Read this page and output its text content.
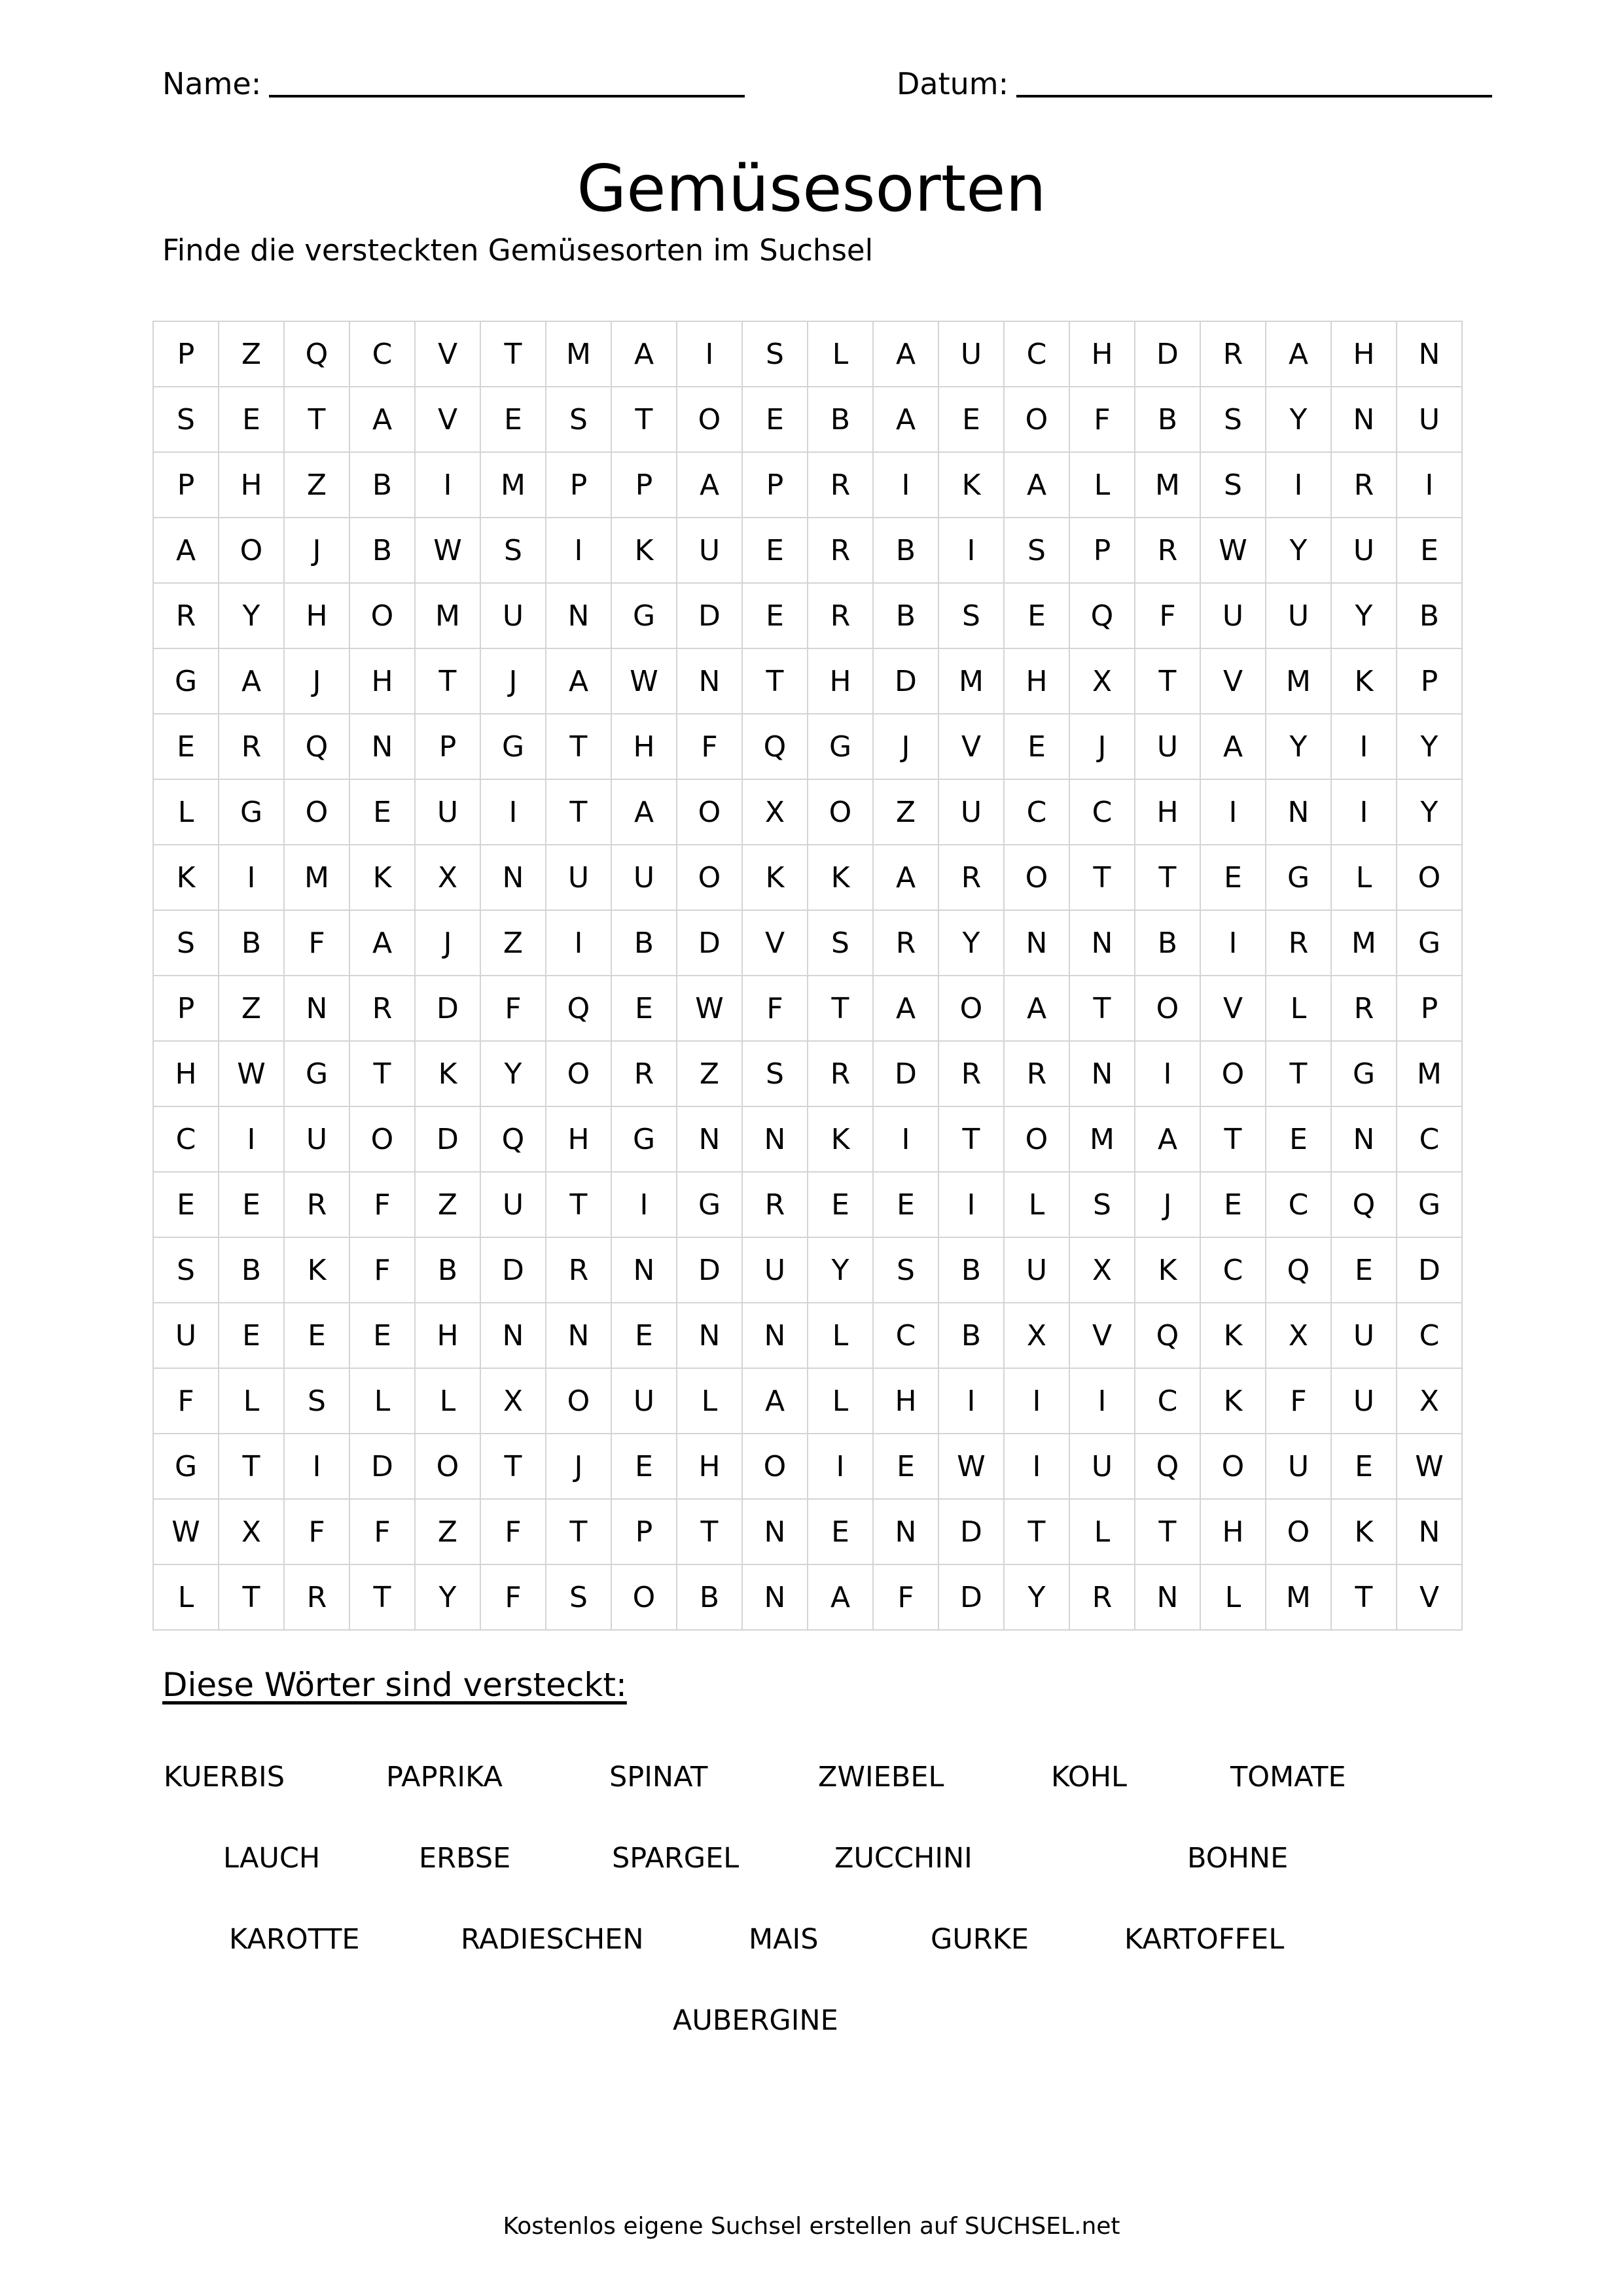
Name:	Datum:
Gemüsesorten
Finde die versteckten Gemüsesorten im Suchsel
P	Z	Q	C	V	T	M	A	I	S	L	A	U	C	H	D	R	A	H	N
S	E	T	A	V	E	S	T	O	E	B	A	E	O	F	B	S	Y	N	U
P	H	Z	B	I	M	P	P	A	P	R	I	K	A	L	M	S	I	R	I
A	O	J	B	W	S	I	K	U	E	R	B	I	S	P	R	W	Y	U	E
R	Y	H	O	M	U	N	G	D	E	R	B	S	E	Q	F	U	U	Y	B
G	A	J	H	T	J	A	W	N	T	H	D	M	H	X	T	V	M	K	P
E	R	Q	N	P	G	T	H	F	Q	G	J	V	E	J	U	A	Y	I	Y
L	G	O	E	U	I	T	A	O	X	O	Z	U	C	C	H	I	N	I	Y
K	I	M	K	X	N	U	U	O	K	K	A	R	O	T	T	E	G	L	O
S	B	F	A	J	Z	I	B	D	V	S	R	Y	N	N	B	I	R	M	G
P	Z	N	R	D	F	Q	E	W	F	T	A	O	A	T	O	V	L	R	P
H	W	G	T	K	Y	O	R	Z	S	R	D	R	R	N	I	O	T	G	M
C	I	U	O	D	Q	H	G	N	N	K	I	T	O	M	A	T	E	N	C
E	E	R	F	Z	U	T	I	G	R	E	E	I	L	S	J	E	C	Q	G
S	B	K	F	B	D	R	N	D	U	Y	S	B	U	X	K	C	Q	E	D
U	E	E	E	H	N	N	E	N	N	L	C	B	X	V	Q	K	X	U	C
F	L	S	L	L	X	O	U	L	A	L	H	I	I	I	C	K	F	U	X
G	T	I	D	O	T	J	E	H	O	I	E	W	I	U	Q	O	U	E	W
W	X	F	F	Z	F	T	P	T	N	E	N	D	T	L	T	H	O	K	N
L	T	R	T	Y	F	S	O	B	N	A	F	D	Y	R	N	L	M	T	V
Diese Wörter sind versteckt:
KUERBIS	PAPRIKA	SPINAT	ZWIEBEL	KOHL	TOMATE
LAUCH	ERBSE	SPARGEL	ZUCCHINI	BOHNE
KAROTTE	RADIESCHEN	MAIS	GURKE	KARTOFFEL
AUBERGINE
Kostenlos eigene Suchsel erstellen auf SUCHSEL.net
